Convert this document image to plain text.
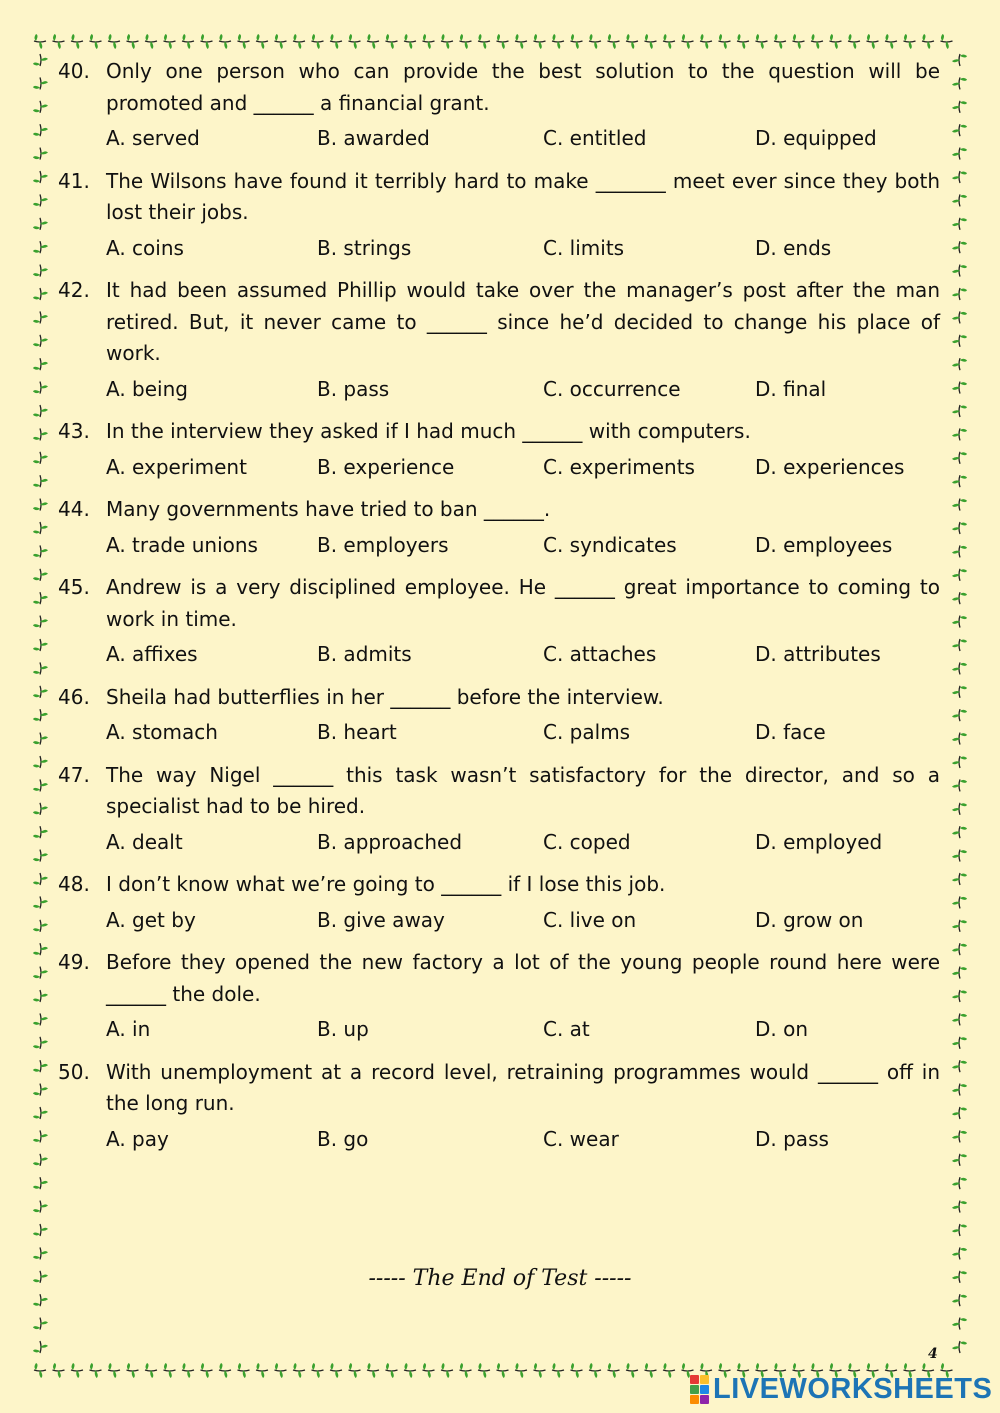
40. Only one person who can provide the best solution to the question will be promoted and ______ a financial grant.
A. served	B. awarded	C. entitled	D. equipped
41. The Wilsons have found it terribly hard to make _______ meet ever since they both lost their jobs.
A. coins	B. strings	C. limits	D. ends
42. It had been assumed Phillip would take over the manager’s post after the man retired. But, it never came to ______ since he’d decided to change his place of work.
A. being	B. pass	C. occurrence	D. final
43. In the interview they asked if I had much ______ with computers.
A. experiment	B. experience	C. experiments	D. experiences
44. Many governments have tried to ban ______.
A. trade unions	B. employers	C. syndicates	D. employees
45. Andrew is a very disciplined employee. He ______ great importance to coming to work in time.
A. affixes	B. admits	C. attaches	D. attributes
46. Sheila had butterflies in her ______ before the interview.
A. stomach	B. heart	C. palms	D. face
47. The way Nigel ______ this task wasn’t satisfactory for the director, and so a specialist had to be hired.
A. dealt	B. approached	C. coped	D. employed
48. I don’t know what we’re going to ______ if I lose this job.
A. get by	B. give away	C. live on	D. grow on
49. Before they opened the new factory a lot of the young people round here were ______ the dole.
A. in	B. up	C. at	D. on
50. With unemployment at a record level, retraining programmes would ______ off in the long run.
A. pay	B. go	C. wear	D. pass
----- The End of Test -----
4
LIVEWORKSHEETS
